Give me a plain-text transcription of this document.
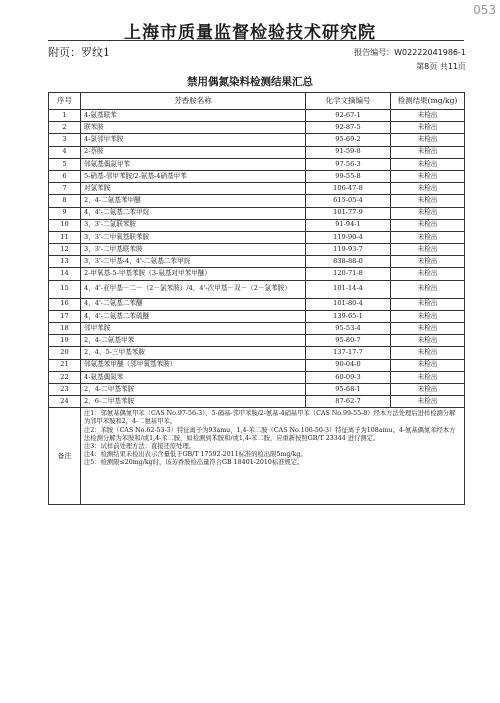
053
上海市质量监督检验技术研究院
附页：罗纹1	报告编号：W02222041986-1
第8页 共11页
禁用偶氮染料检测结果汇总
序号	芳香胺名称	化学文摘编号	检测结果(mg/kg)
1	4-氨基联苯	92-67-1	未检出
2	联苯胺	92-87-5	未检出
3	4-氯邻甲苯胺	95-69-2	未检出
4	2-萘胺	91-59-8	未检出
5	邻氨基偶氮甲苯	97-56-3	未检出
6	5-硝基-邻甲苯胺/2-氨基-4硝基甲苯	99-55-8	未检出
7	对氯苯胺	106-47-8	未检出
8	2，4-二氨基苯甲醚	615-05-4	未检出
9	4，4'-二氨基二苯甲烷	101-77-9	未检出
10	3，3'-二氯联苯胺	91-94-1	未检出
11	3，3'-二甲氧基联苯胺	119-90-4	未检出
12	3，3'-二甲基联苯胺	119-93-7	未检出
13	3，3'-二甲基-4，4'-二氨基二苯甲烷	838-88-0	未检出
14	2-甲氧基-5-甲基苯胺（3-氨基对甲苯甲醚）	120-71-8	未检出
15	4，4'-亚甲基－二－（2－氯苯胺）/4，4'-次甲基－双－（2－氯苯胺）	101-14-4	未检出
16	4，4'-二氨基二苯醚	101-80-4	未检出
17	4，4'-二氨基二苯硫醚	139-65-1	未检出
18	邻甲苯胺	95-53-4	未检出
19	2，4-二氨基甲苯	95-80-7	未检出
20	2，4，5-三甲基苯胺	137-17-7	未检出
21	邻氨基苯甲醚（邻甲氧基苯胺）	90-04-0	未检出
22	4-氨基偶氮苯	60-09-3	未检出
23	2，4-二甲基苯胺	95-68-1	未检出
24	2，6-二甲基苯胺	87-62-7	未检出
备注	注1：邻氨基偶氮甲苯（CAS No.97-56-3）、5-硝基-邻甲苯胺/2-氨基-4硝基甲苯（CAS No.99-55-8）经本方法处理后进样检测分解为邻甲苯胺和2，4-二氨基甲苯。
注2：苯胺（CAS No.62-53-3）特征离子为93amu，1,4-苯二胺（CAS No.106-50-3）特征离子为108amu。4-氨基偶氮苯经本方法检测分解为苯胺和/或1,4-苯二胺，如检测到苯胺和/或1,4-苯二胺，应重新按照GB/T 23344 进行测定。
注3：试样前处理方法：直接还原处理。
注4：检测结果未检出表示含量低于GB/T 17592-2011标准的检出限5mg/kg。
注5：检测限≤20mg/kg时，该芳香胺检出量符合GB 18401-2010标准规定。		
